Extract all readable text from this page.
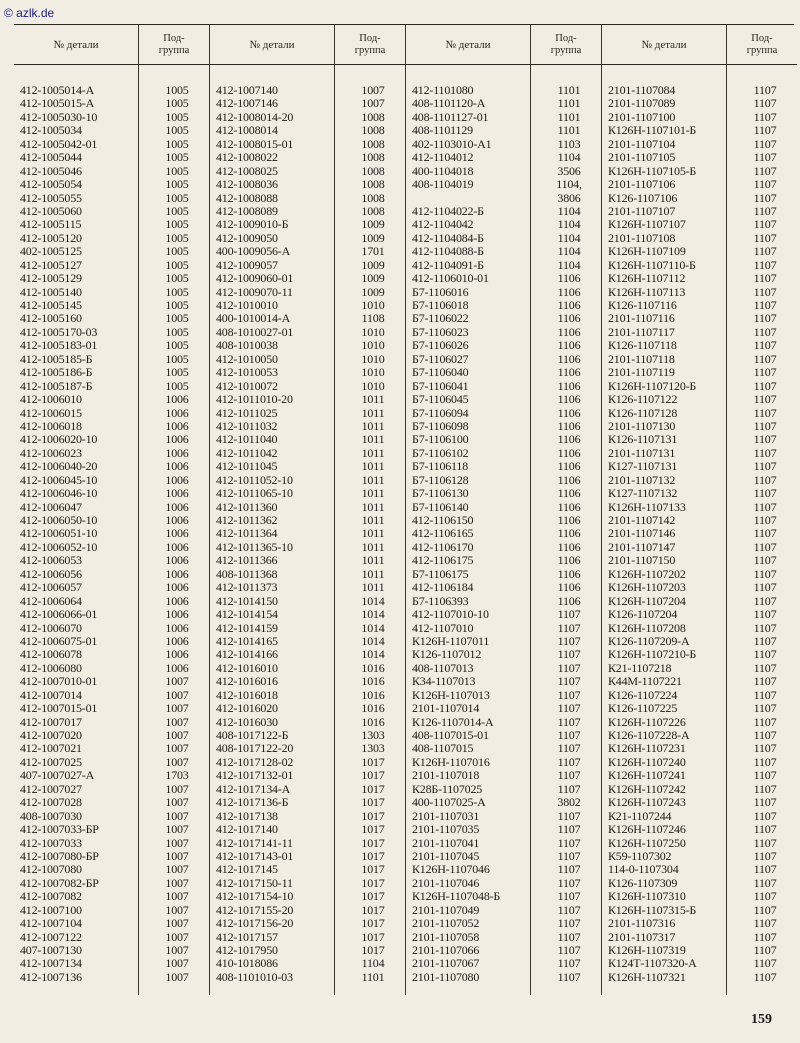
© azlk.de
№ детали
412-1005014-А
412-1005015-А
412-1005030-10
412-1005034
412-1005042-01
412-1005044
412-1005046
412-1005054
412-1005055
412-1005060
412-1005115
412-1005120
402-1005125
412-1005127
412-1005129
412-1005140
412-1005145
412-1005160
412-1005170-03
412-1005183-01
412-1005185-Б
412-1005186-Б
412-1005187-Б
412-1006010
412-1006015
412-1006018
412-1006020-10
412-1006023
412-1006040-20
412-1006045-10
412-1006046-10
412-1006047
412-1006050-10
412-1006051-10
412-1006052-10
412-1006053
412-1006056
412-1006057
412-1006064
412-1006066-01
412-1006070
412-1006075-01
412-1006078
412-1006080
412-1007010-01
412-1007014
412-1007015-01
412-1007017
412-1007020
412-1007021
412-1007025
407-1007027-А
412-1007027
412-1007028
408-1007030
412-1007033-БР
412-1007033
412-1007080-БР
412-1007080
412-1007082-БР
412-1007082
412-1007100
412-1007104
412-1007122
407-1007130
412-1007134
412-1007136
Под-
группа
1005
1005
1005
1005
1005
1005
1005
1005
1005
1005
1005
1005
1005
1005
1005
1005
1005
1005
1005
1005
1005
1005
1005
1006
1006
1006
1006
1006
1006
1006
1006
1006
1006
1006
1006
1006
1006
1006
1006
1006
1006
1006
1006
1006
1007
1007
1007
1007
1007
1007
1007
1703
1007
1007
1007
1007
1007
1007
1007
1007
1007
1007
1007
1007
1007
1007
1007
№ детали
412-1007140
412-1007146
412-1008014-20
412-1008014
412-1008015-01
412-1008022
412-1008025
412-1008036
412-1008088
412-1008089
412-1009010-Б
412-1009050
400-1009056-А
412-1009057
412-1009060-01
412-1009070-11
412-1010010
400-1010014-А
408-1010027-01
408-1010038
412-1010050
412-1010053
412-1010072
412-1011010-20
412-1011025
412-1011032
412-1011040
412-1011042
412-1011045
412-1011052-10
412-1011065-10
412-1011360
412-1011362
412-1011364
412-1011365-10
412-1011366
408-1011368
412-1011373
412-1014150
412-1014154
412-1014159
412-1014165
412-1014166
412-1016010
412-1016016
412-1016018
412-1016020
412-1016030
408-1017122-Б
408-1017122-20
412-1017128-02
412-1017132-01
412-1017134-А
412-1017136-Б
412-1017138
412-1017140
412-1017141-11
412-1017143-01
412-1017145
412-1017150-11
412-1017154-10
412-1017155-20
412-1017156-20
412-1017157
412-1017950
410-1018086
408-1101010-03
Под-
группа
1007
1007
1008
1008
1008
1008
1008
1008
1008
1008
1009
1009
1701
1009
1009
1009
1010
1108
1010
1010
1010
1010
1010
1011
1011
1011
1011
1011
1011
1011
1011
1011
1011
1011
1011
1011
1011
1011
1014
1014
1014
1014
1014
1016
1016
1016
1016
1016
1303
1303
1017
1017
1017
1017
1017
1017
1017
1017
1017
1017
1017
1017
1017
1017
1017
1104
1101
№ детали
412-1101080
408-1101120-А
408-1101127-01
408-1101129
402-1103010-А1
412-1104012
400-1104018
408-1104019
412-1104022-Б
412-1104042
412-1104084-Б
412-1104088-Б
412-1104091-Б
412-1106010-01
Б7-1106016
Б7-1106018
Б7-1106022
Б7-1106023
Б7-1106026
Б7-1106027
Б7-1106040
Б7-1106041
Б7-1106045
Б7-1106094
Б7-1106098
Б7-1106100
Б7-1106102
Б7-1106118
Б7-1106128
Б7-1106130
Б7-1106140
412-1106150
412-1106165
412-1106170
412-1106175
Б7-1106175
412-1106184
Б7-1106393
412-1107010-10
412-1107010
К126Н-1107011
К126-1107012
408-1107013
К34-1107013
К126Н-1107013
2101-1107014
К126-1107014-А
408-1107015-01
408-1107015
К126Н-1107016
2101-1107018
К28Б-1107025
400-1107025-А
2101-1107031
2101-1107035
2101-1107041
2101-1107045
К126Н-1107046
2101-1107046
К126Н-1107048-Б
2101-1107049
2101-1107052
2101-1107058
2101-1107066
2101-1107067
2101-1107080
Под-
группа
1101
1101
1101
1101
1103
1104
3506
1104,
3806
1104
1104
1104
1104
1104
1106
1106
1106
1106
1106
1106
1106
1106
1106
1106
1106
1106
1106
1106
1106
1106
1106
1106
1106
1106
1106
1106
1106
1106
1106
1107
1107
1107
1107
1107
1107
1107
1107
1107
1107
1107
1107
1107
1107
3802
1107
1107
1107
1107
1107
1107
1107
1107
1107
1107
1107
1107
1107
№ детали
2101-1107084
2101-1107089
2101-1107100
К126Н-1107101-Б
2101-1107104
2101-1107105
К126Н-1107105-Б
2101-1107106
К126-1107106
2101-1107107
К126Н-1107107
2101-1107108
К126Н-1107109
К126Н-1107110-Б
К126Н-1107112
К126Н-1107113
К126-1107116
2101-1107116
2101-1107117
К126-1107118
2101-1107118
2101-1107119
К126Н-1107120-Б
К126-1107122
К126-1107128
2101-1107130
К126-1107131
2101-1107131
К127-1107131
2101-1107132
К127-1107132
К126Н-1107133
2101-1107142
2101-1107146
2101-1107147
2101-1107150
К126Н-1107202
К126Н-1107203
К126Н-1107204
К126-1107204
К126Н-1107208
К126-1107209-А
К126Н-1107210-Б
К21-1107218
К44М-1107221
К126-1107224
К126-1107225
К126Н-1107226
К126-1107228-А
К126Н-1107231
К126Н-1107240
К126Н-1107241
К126Н-1107242
К126Н-1107243
К21-1107244
К126Н-1107246
К126Н-1107250
К59-1107302
114-0-1107304
К126-1107309
К126Н-1107310
К126Н-1107315-Б
2101-1107316
2101-1107317
К126Н-1107319
К124Т-1107320-А
К126Н-1107321
Под-
группа
1107
1107
1107
1107
1107
1107
1107
1107
1107
1107
1107
1107
1107
1107
1107
1107
1107
1107
1107
1107
1107
1107
1107
1107
1107
1107
1107
1107
1107
1107
1107
1107
1107
1107
1107
1107
1107
1107
1107
1107
1107
1107
1107
1107
1107
1107
1107
1107
1107
1107
1107
1107
1107
1107
1107
1107
1107
1107
1107
1107
1107
1107
1107
1107
1107
1107
1107
159
